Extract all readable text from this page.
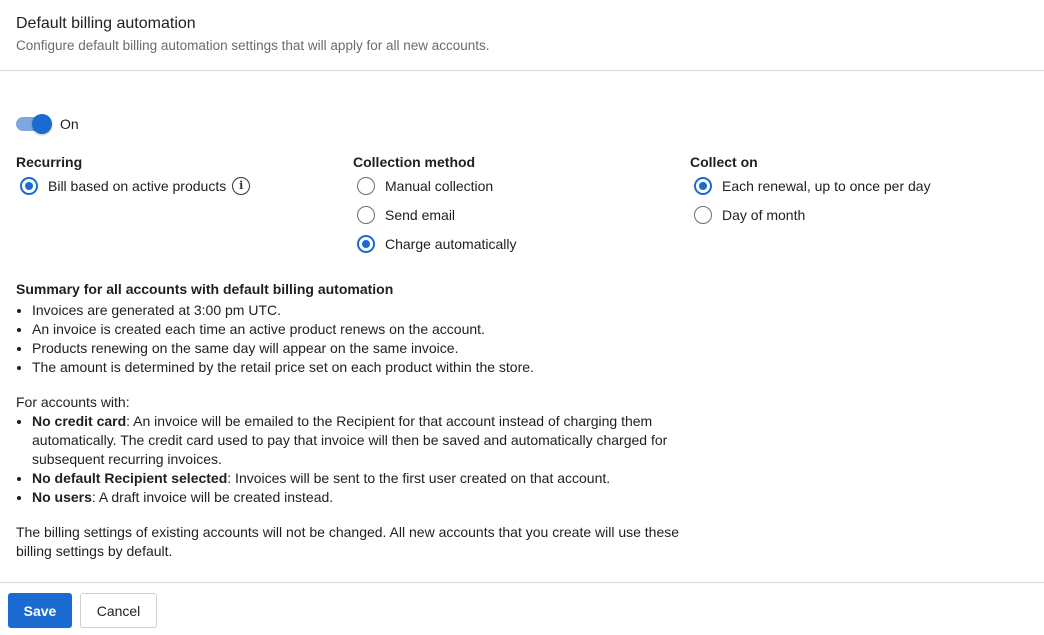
Default billing automation
Configure default billing automation settings that will apply for all new accounts.
On
Recurring
Bill based on active products	i
Collection method
Manual collection
Send email
Charge automatically
Collect on
Each renewal, up to once per day
Day of month
Summary for all accounts with default billing automation
• Invoices are generated at 3:00 pm UTC.
• An invoice is created each time an active product renews on the account.
• Products renewing on the same day will appear on the same invoice.
• The amount is determined by the retail price set on each product within the store.

For accounts with:

• No credit card: An invoice will be emailed to the Recipient for that account instead of charging them automatically. The credit card used to pay that invoice will then be saved and automatically charged for subsequent recurring invoices.
• No default Recipient selected: Invoices will be sent to the first user created on that account.
• No users: A draft invoice will be created instead.

The billing settings of existing accounts will not be changed. All new accounts that you create will use these billing settings by default.

Save	Cancel
